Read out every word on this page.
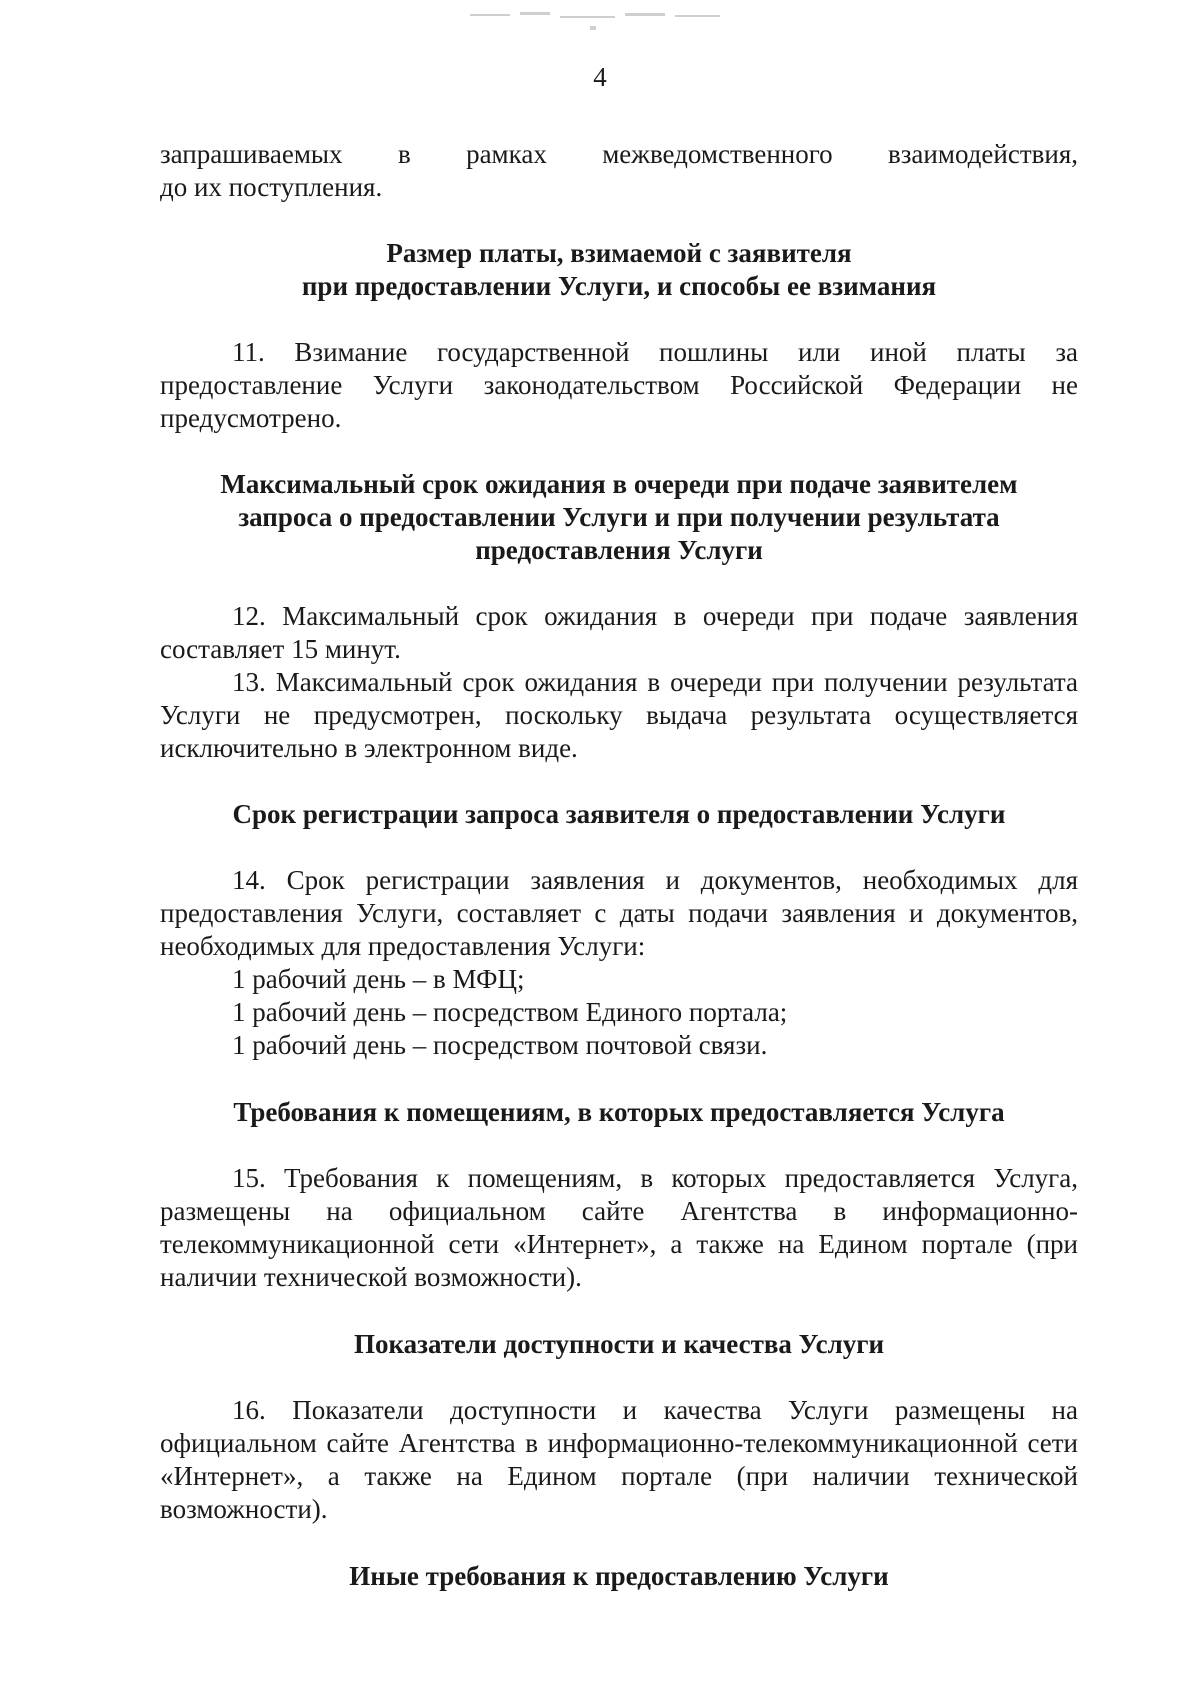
4

запрашиваемых в рамках межведомственного взаимодействия,

до их поступления.

Размер платы, взимаемой с заявителя
при предоставлении Услуги, и способы ее взимания

11. Взимание государственной пошлины или иной платы за предоставление Услуги законодательством Российской Федерации не предусмотрено.

Максимальный срок ожидания в очереди при подаче заявителем
запроса о предоставлении Услуги и при получении результата
предоставления Услуги

12. Максимальный срок ожидания в очереди при подаче заявления составляет 15 минут.

13. Максимальный срок ожидания в очереди при получении результата Услуги не предусмотрен, поскольку выдача результата осуществляется исключительно в электронном виде.

Срок регистрации запроса заявителя о предоставлении Услуги

14. Срок регистрации заявления и документов, необходимых для предоставления Услуги, составляет с даты подачи заявления и документов, необходимых для предоставления Услуги:

1 рабочий день – в МФЦ;

1 рабочий день – посредством Единого портала;

1 рабочий день – посредством почтовой связи.

Требования к помещениям, в которых предоставляется Услуга

15. Требования к помещениям, в которых предоставляется Услуга, размещены на официальном сайте Агентства в информационно-телекоммуникационной сети «Интернет», а также на Едином портале (при наличии технической возможности).

Показатели доступности и качества Услуги

16. Показатели доступности и качества Услуги размещены на официальном сайте Агентства в информационно-телекоммуникационной сети «Интернет», а также на Едином портале (при наличии технической возможности).

Иные требования к предоставлению Услуги
